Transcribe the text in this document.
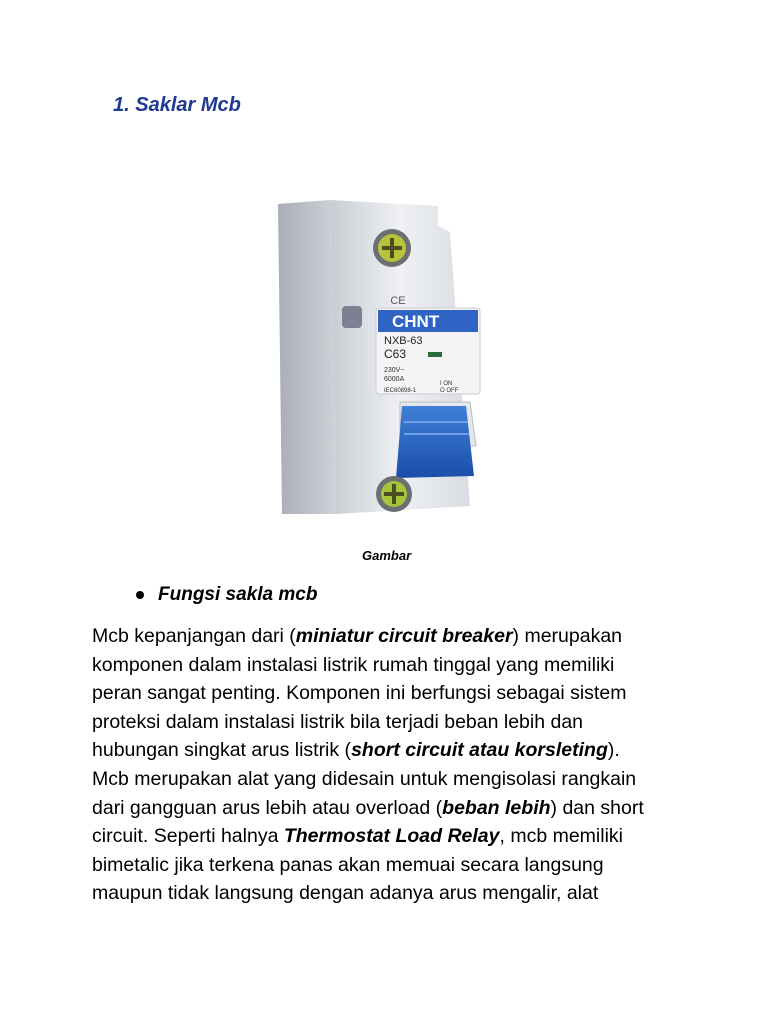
1. Saklar Mcb
CE
CHNT
NXB-63
C63
230V~
6000A
IEC60898-1
I ON
O OFF

Gambar

Fungsi sakla mcb

Mcb kepanjangan dari (miniatur circuit breaker) merupakan
komponen dalam instalasi listrik rumah tinggal yang memiliki
peran sangat penting. Komponen ini berfungsi sebagai sistem
proteksi dalam instalasi listrik bila terjadi beban lebih dan
hubungan singkat arus listrik (short circuit atau korsleting).
Mcb merupakan alat yang didesain untuk mengisolasi rangkain
dari gangguan arus lebih atau overload (beban lebih) dan short
circuit. Seperti halnya Thermostat Load Relay, mcb memiliki
bimetalic jika terkena panas akan memuai secara langsung
maupun tidak langsung dengan adanya arus mengalir, alat
